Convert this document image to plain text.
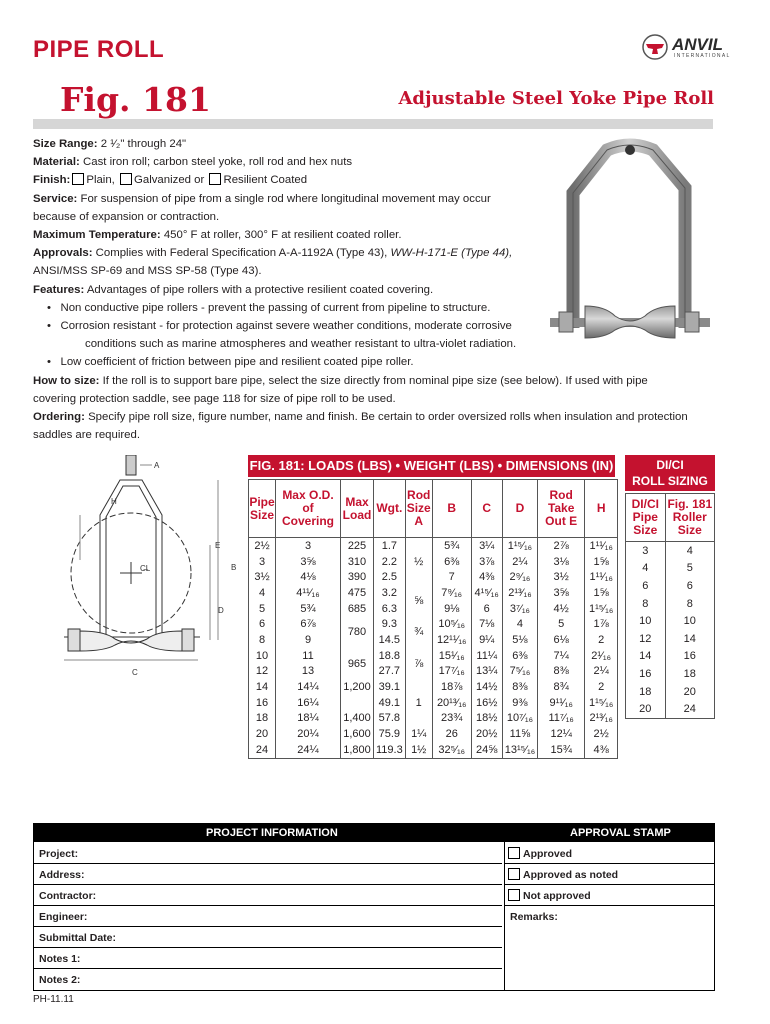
PIPE ROLL	ANVIL
INTERNATIONAL
Fig. 181	Adjustable Steel Yoke Pipe Roll

Size Range: 2 ¹⁄₂" through 24"

Material: Cast iron roll; carbon steel yoke, roll rod and hex nuts

Finish: Plain, Galvanized or Resilient Coated

Service: For suspension of pipe from a single rod where longitudinal movement may occur

because of expansion or contraction.

Maximum Temperature: 450° F at roller, 300° F at resilient coated roller.

Approvals: Complies with Federal Specification A-A-1192A (Type 43), WW-H-171-E (Type 44),

ANSI/MSS SP-69 and MSS SP-58 (Type 43).

Features: Advantages of pipe rollers with a protective resilient coated covering.

•   Non conductive pipe rollers - prevent the passing of current from pipeline to structure.

•   Corrosion resistant - for protection against severe weather conditions, moderate corrosive

conditions such as marine atmospheres and weather resistant to ultra-violet radiation.

•   Low coefficient of friction between pipe and resilient coated pipe roller.

How to size: If the roll is to support bare pipe, select the size directly from nominal pipe size (see below). If used with pipe

covering protection saddle, see page 118 for size of pipe roll to be used.

Ordering: Specify pipe roll size, figure number, name and finish. Be certain to order oversized rolls when insulation and protection

saddles are required.

A
H
E
C̶L	B
D
C
FIG. 181: LOADS (LBS) • WEIGHT (LBS) • DIMENSIONS (IN)
Pipe Size	Max O.D. of Covering	Max Load	Wgt.	Rod Size A	B	C	D	Rod Take Out E	H
2½	3	225	1.7		5¾	3¼	1¹⁵⁄₁₆	2⅞	1¹¹⁄₁₆
3	3⅝	310	2.2	½	6⅜	3⅞	2¼	3⅛	1⅝
3½	4⅛	390	2.5		7	4⅜	2⁹⁄₁₆	3½	1¹¹⁄₁₆
4	4¹¹⁄₁₆	475	3.2	⅝	7⁹⁄₁₆	4¹⁵⁄₁₆	2¹³⁄₁₆	3⅝	1⅝
5	5¾	685	6.3		9⅛	6	3⁷⁄₁₆	4½	1¹⁵⁄₁₆
6	6⅞	780	9.3	¾	10⁵⁄₁₆	7⅛	4	5	1⅞
8	9		14.5		12¹¹⁄₁₆	9¼	5⅛	6⅛	2
10	11	965	18.8	⅞	15¹⁄₁₆	11¼	6⅜	7¼	2¹⁄₁₆
12	13		27.7		17⁷⁄₁₆	13¼	7⁵⁄₁₆	8⅜	2¼
14	14¼	1,200	39.1		18⅞	14½	8⅜	8¾	2
16	16¼		49.1	1	20¹³⁄₁₆	16½	9⅜	9¹¹⁄₁₆	1¹⁵⁄₁₆
18	18¼	1,400	57.8		23¾	18½	10⁷⁄₁₆	11⁷⁄₁₆	2¹³⁄₁₆
20	20¼	1,600	75.9	1¼	26	20½	11⅝	12¼	2½
24	24¼	1,800	119.3	1½	32⁵⁄₁₆	24⅝	13¹⁵⁄₁₆	15¾	4⅜
DI/CI
ROLL SIZING
DI/CI Pipe Size	Fig. 181 Roller Size
3	4
4	5
6	6
8	8
10	10
12	14
14	16
16	18
18	20
20	24
PROJECT INFORMATION	APPROVAL STAMP
Project:
Address:
Contractor:
Engineer:
Submittal Date:
Notes 1:
Notes 2:
Approved
Approved as noted
Not approved
Remarks:
PH-11.11
